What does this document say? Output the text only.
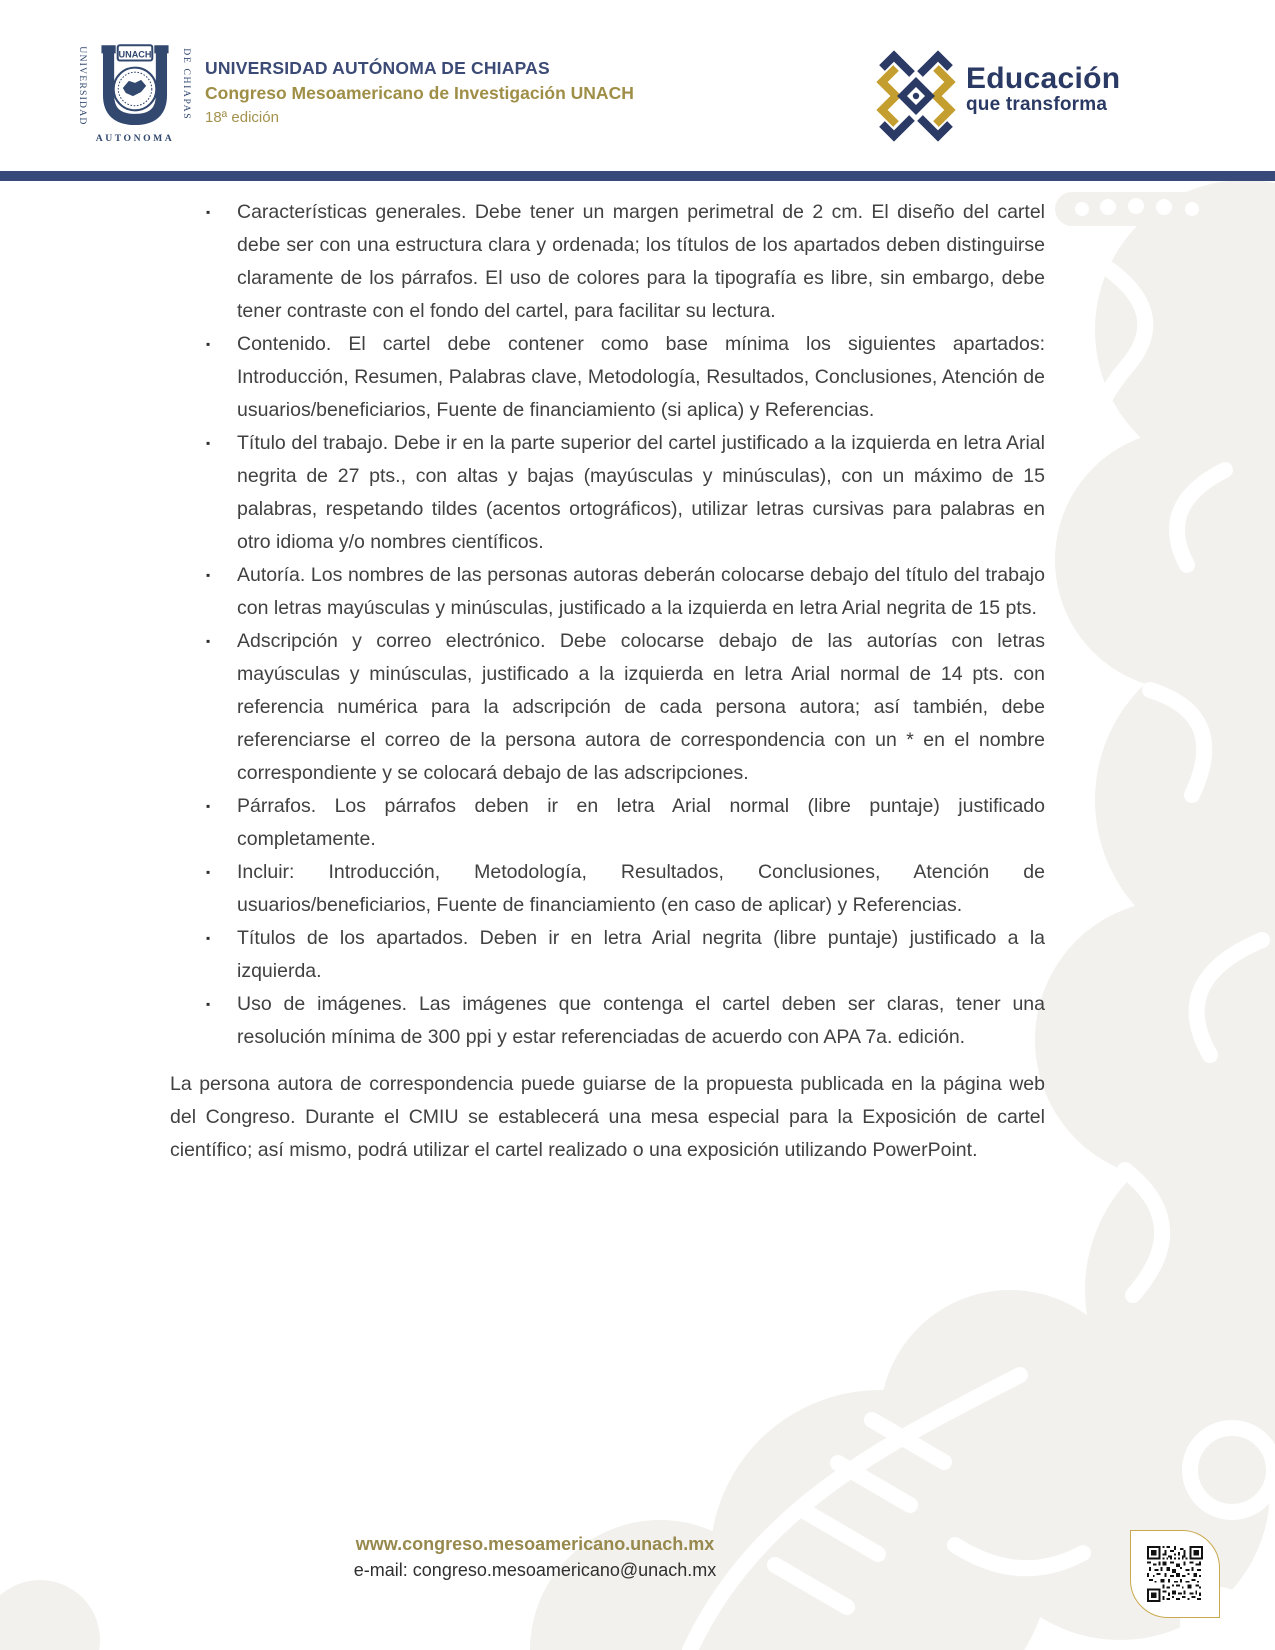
UNIVERSIDAD	DE CHIAPAS
UNACH
AUTONOMA
UNIVERSIDAD AUTÓNOMA DE CHIAPAS
Congreso Mesoamericano de Investigación UNACH
18ª edición
Educación
que transforma
▪ Características generales. Debe tener un margen perimetral de 2 cm. El diseño del cartel debe ser con una estructura clara y ordenada; los títulos de los apartados deben distinguirse claramente de los párrafos. El uso de colores para la tipografía es libre, sin embargo, debe tener contraste con el fondo del cartel, para facilitar su lectura.
▪ Contenido. El cartel debe contener como base mínima los siguientes apartados: Introducción, Resumen, Palabras clave, Metodología, Resultados, Conclusiones, Atención de usuarios/beneficiarios, Fuente de financiamiento (si aplica) y Referencias.
▪ Título del trabajo. Debe ir en la parte superior del cartel justificado a la izquierda en letra Arial negrita de 27 pts., con altas y bajas (mayúsculas y minúsculas), con un máximo de 15 palabras, respetando tildes (acentos ortográficos), utilizar letras cursivas para palabras en otro idioma y/o nombres científicos.
▪ Autoría. Los nombres de las personas autoras deberán colocarse debajo del título del trabajo con letras mayúsculas y minúsculas, justificado a la izquierda en letra Arial negrita de 15 pts.
▪ Adscripción y correo electrónico. Debe colocarse debajo de las autorías con letras mayúsculas y minúsculas, justificado a la izquierda en letra Arial normal de 14 pts. con referencia numérica para la adscripción de cada persona autora; así también, debe referenciarse el correo de la persona autora de correspondencia con un * en el nombre correspondiente y se colocará debajo de las adscripciones.
▪ Párrafos. Los párrafos deben ir en letra Arial normal (libre puntaje) justificado completamente.
▪ Incluir: Introducción, Metodología, Resultados, Conclusiones, Atención de usuarios/beneficiarios, Fuente de financiamiento (en caso de aplicar) y Referencias.
▪ Títulos de los apartados. Deben ir en letra Arial negrita (libre puntaje) justificado a la izquierda.
▪ Uso de imágenes. Las imágenes que contenga el cartel deben ser claras, tener una resolución mínima de 300 ppi y estar referenciadas de acuerdo con APA 7a. edición.

La persona autora de correspondencia puede guiarse de la propuesta publicada en la página web del Congreso. Durante el CMIU se establecerá una mesa especial para la Exposición de cartel científico; así mismo, podrá utilizar el cartel realizado o una exposición utilizando PowerPoint.

www.congreso.mesoamericano.unach.mx
e-mail: congreso.mesoamericano@unach.mx
